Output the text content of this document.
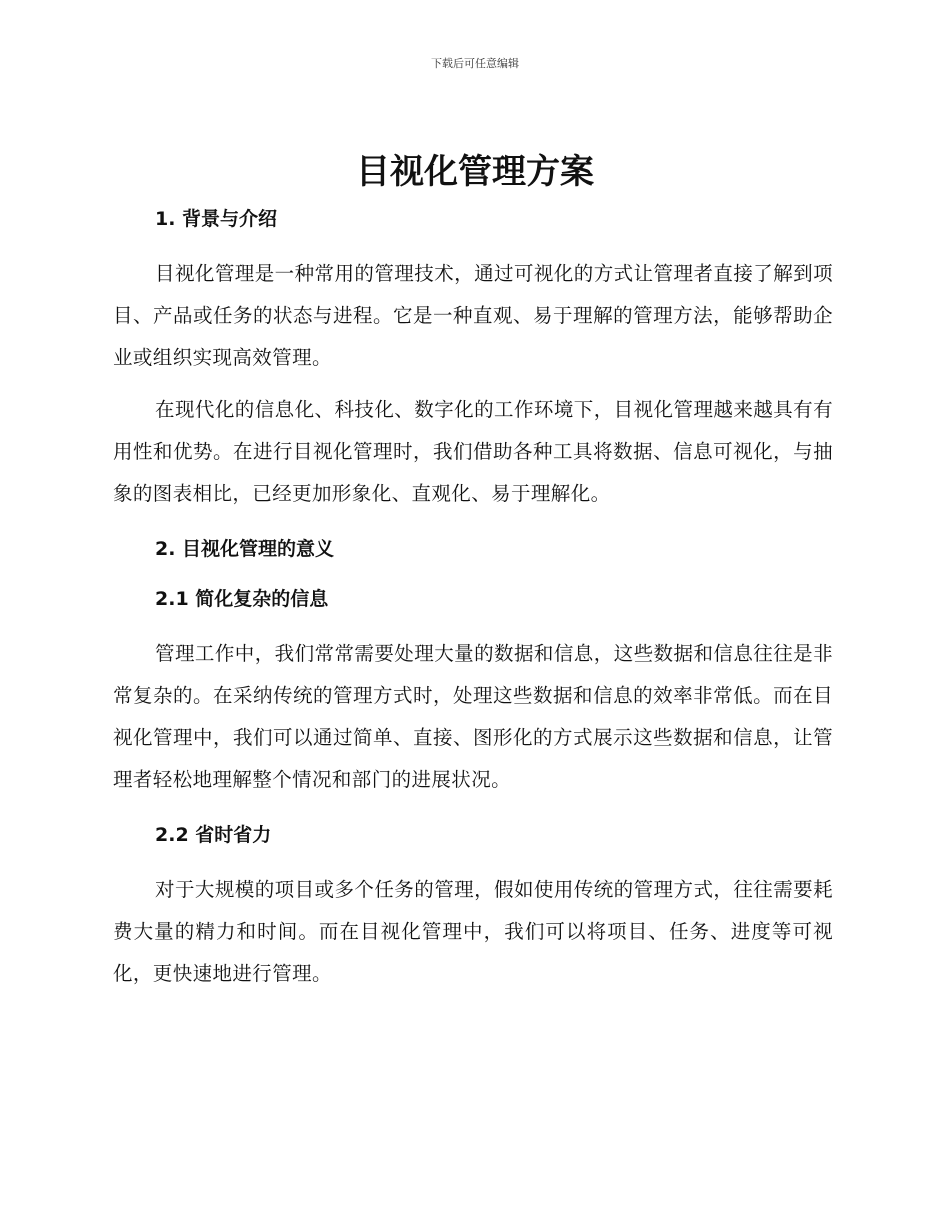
下载后可任意编辑
目视化管理方案
1. 背景与介绍

目视化管理是一种常用的管理技术，通过可视化的方式让管理者直接了解到项目、产品或任务的状态与进程。它是一种直观、易于理解的管理方法，能够帮助企业或组织实现高效管理。

在现代化的信息化、科技化、数字化的工作环境下，目视化管理越来越具有有用性和优势。在进行目视化管理时，我们借助各种工具将数据、信息可视化，与抽象的图表相比，已经更加形象化、直观化、易于理解化。

2. 目视化管理的意义
2.1 简化复杂的信息

管理工作中，我们常常需要处理大量的数据和信息，这些数据和信息往往是非常复杂的。在采纳传统的管理方式时，处理这些数据和信息的效率非常低。而在目视化管理中，我们可以通过简单、直接、图形化的方式展示这些数据和信息，让管理者轻松地理解整个情况和部门的进展状况。

2.2 省时省力

对于大规模的项目或多个任务的管理，假如使用传统的管理方式，往往需要耗费大量的精力和时间。而在目视化管理中，我们可以将项目、任务、进度等可视化，更快速地进行管理。
